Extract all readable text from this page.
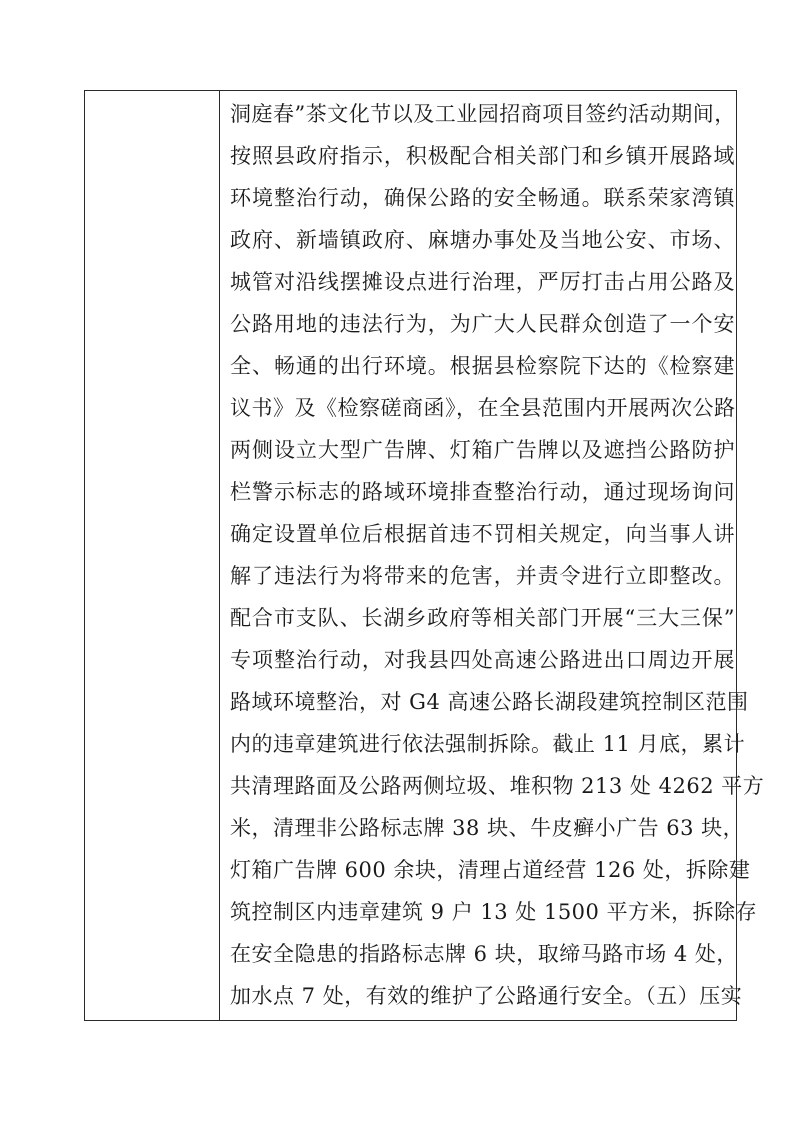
洞庭春”茶文化节以及工业园招商项目签约活动期间，
按照县政府指示，积极配合相关部门和乡镇开展路域
环境整治行动，确保公路的安全畅通。联系荣家湾镇
政府、新墙镇政府、麻塘办事处及当地公安、市场、
城管对沿线摆摊设点进行治理，严厉打击占用公路及
公路用地的违法行为，为广大人民群众创造了一个安
全、畅通的出行环境。根据县检察院下达的《检察建
议书》及《检察磋商函》，在全县范围内开展两次公路
两侧设立大型广告牌、灯箱广告牌以及遮挡公路防护
栏警示标志的路域环境排查整治行动，通过现场询问
确定设置单位后根据首违不罚相关规定，向当事人讲
解了违法行为将带来的危害，并责令进行立即整改。
配合市支队、长湖乡政府等相关部门开展“三大三保”
专项整治行动，对我县四处高速公路进出口周边开展
路域环境整治，对 G4 高速公路长湖段建筑控制区范围
内的违章建筑进行依法强制拆除。截止 11 月底，累计
共清理路面及公路两侧垃圾、堆积物 213 处 4262 平方
米，清理非公路标志牌 38 块、牛皮癣小广告 63 块，
灯箱广告牌 600 余块，清理占道经营 126 处，拆除建
筑控制区内违章建筑 9 户 13 处 1500 平方米，拆除存
在安全隐患的指路标志牌 6 块，取缔马路市场 4 处，
加水点 7 处，有效的维护了公路通行安全。（五）压实
